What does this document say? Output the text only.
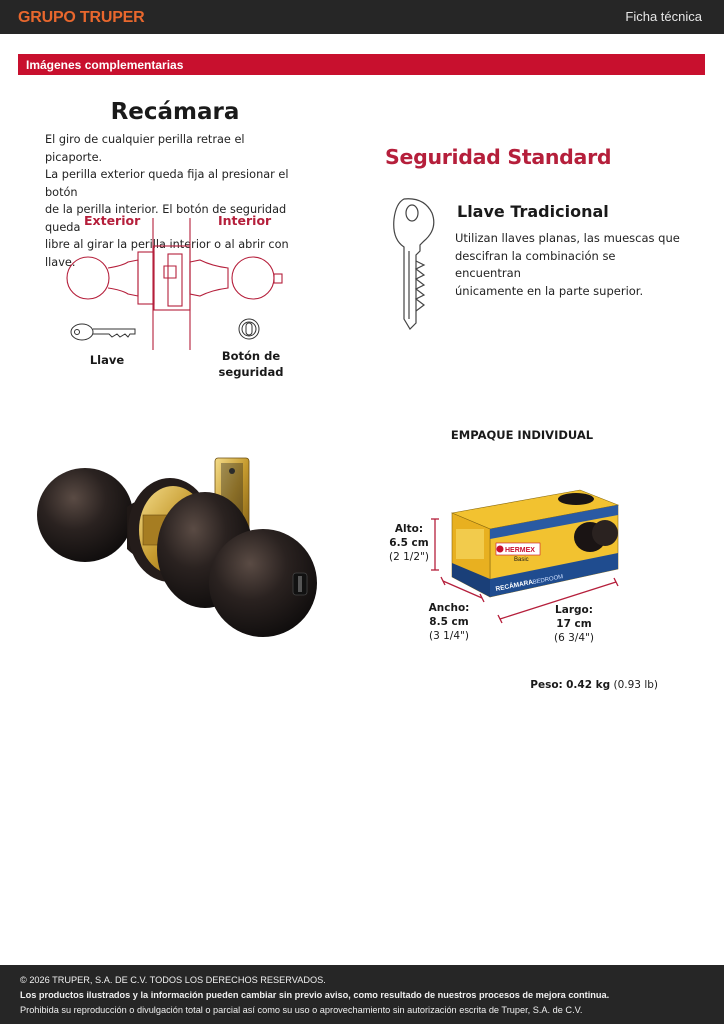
GRUPO TRUPER	Ficha técnica
Imágenes complementarias
Recámara
El giro de cualquier perilla retrae el picaporte.
La perilla exterior queda fija al presionar el botón
de la perilla interior. El botón de seguridad queda
libre al girar la perilla interior o al abrir con llave.
Exterior	Interior
Llave	Botón de
seguridad
Seguridad Standard
Llave Tradicional
Utilizan llaves planas, las muescas que
descifran la combinación se encuentran
únicamente en la parte superior.
EMPAQUE INDIVIDUAL
HERMEX
Basic
RECÁMARA
BEDROOM
Alto:
6.5 cm
(2 1/2")
Ancho:
8.5 cm
(3 1/4")
Largo:
17 cm
(6 3/4")
Peso: 0.42 kg (0.93 lb)
© 2026 TRUPER, S.A. DE C.V. TODOS LOS DERECHOS RESERVADOS.
Los productos ilustrados y la información pueden cambiar sin previo aviso, como resultado de nuestros procesos de mejora continua.
Prohibida su reproducción o divulgación total o parcial así como su uso o aprovechamiento sin autorización escrita de Truper, S.A. de C.V.
